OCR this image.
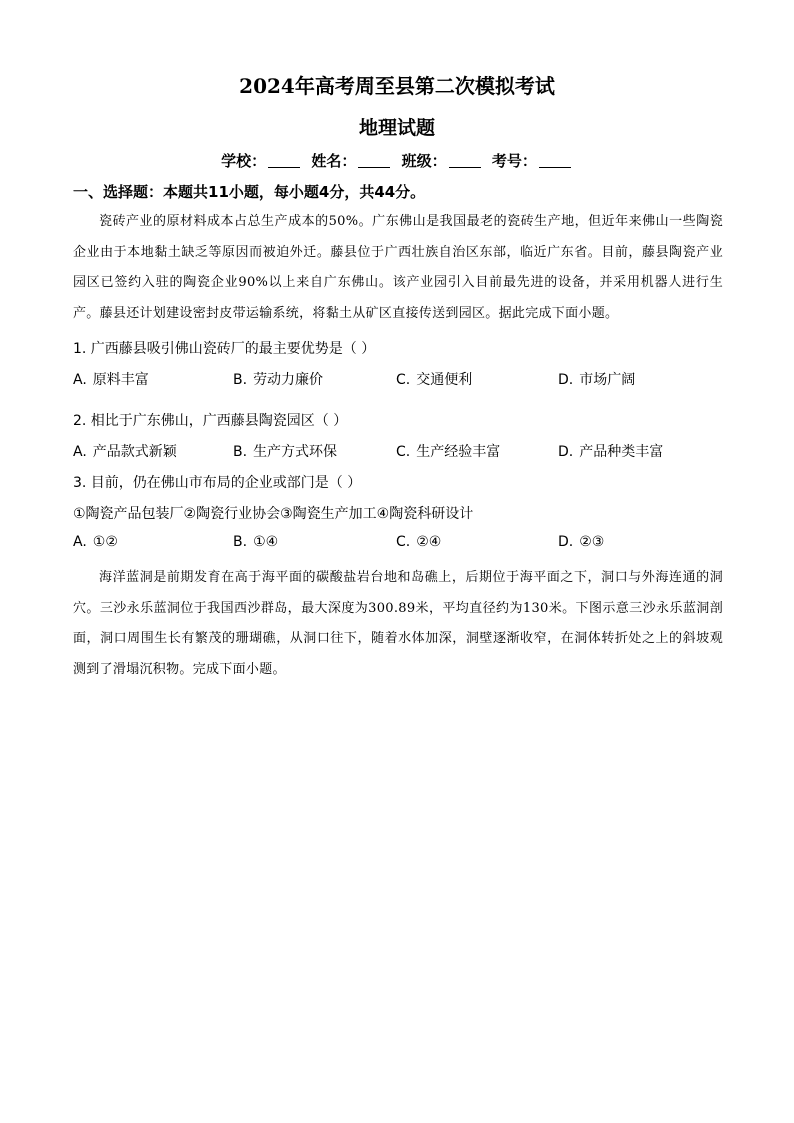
2024年高考周至县第二次模拟考试
地理试题
学校：	姓名：	班级：	考号：
一、选择题：本题共11小题，每小题4分，共44分。
瓷砖产业的原材料成本占总生产成本的50%。广东佛山是我国最老的瓷砖生产地，但近年来佛山一些陶瓷企业由于本地黏土缺乏等原因而被迫外迁。藤县位于广西壮族自治区东部，临近广东省。目前，藤县陶瓷产业园区已签约入驻的陶瓷企业90%以上来自广东佛山。该产业园引入目前最先进的设备，并采用机器人进行生产。藤县还计划建设密封皮带运输系统，将黏土从矿区直接传送到园区。据此完成下面小题。
1. 广西藤县吸引佛山瓷砖厂的最主要优势是（ ）
A. 原料丰富	B. 劳动力廉价	C. 交通便利	D. 市场广阔
2. 相比于广东佛山，广西藤县陶瓷园区（ ）
A. 产品款式新颖	B. 生产方式环保	C. 生产经验丰富	D. 产品种类丰富
3. 目前，仍在佛山市布局的企业或部门是（ ）
①陶瓷产品包装厂②陶瓷行业协会③陶瓷生产加工④陶瓷科研设计
A. ①②	B. ①④	C. ②④	D. ②③
海洋蓝洞是前期发育在高于海平面的碳酸盐岩台地和岛礁上，后期位于海平面之下，洞口与外海连通的洞穴。三沙永乐蓝洞位于我国西沙群岛，最大深度为300.89米，平均直径约为130米。下图示意三沙永乐蓝洞剖面，洞口周围生长有繁茂的珊瑚礁，从洞口往下，随着水体加深，洞壁逐渐收窄，在洞体转折处之上的斜坡观测到了滑塌沉积物。完成下面小题。
